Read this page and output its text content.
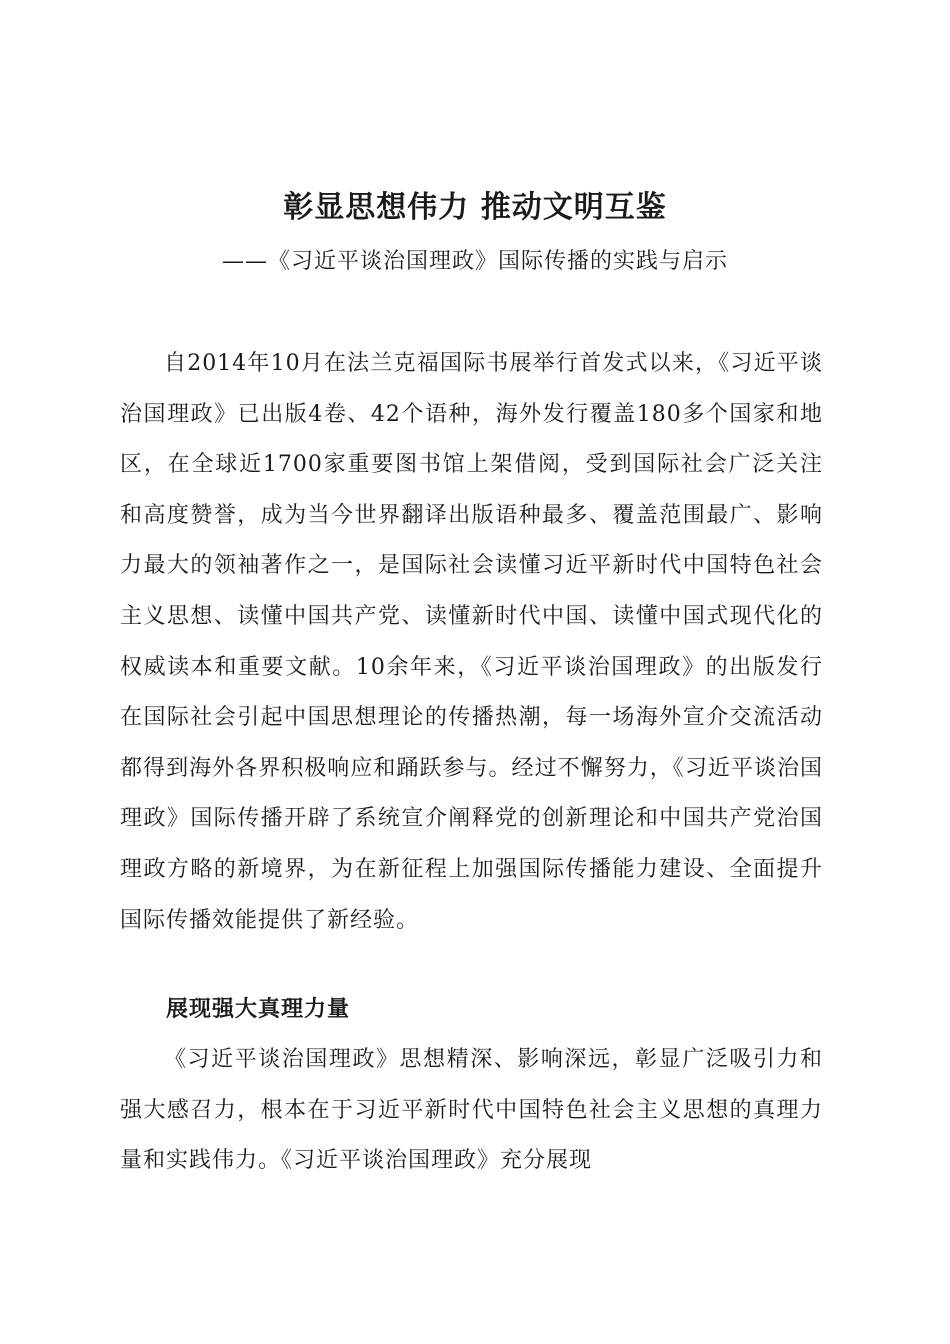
彰显思想伟力 推动文明互鉴
——《习近平谈治国理政》国际传播的实践与启示

自2014年10月在法兰克福国际书展举行首发式以来，《习近平谈治国理政》已出版4卷、42个语种，海外发行覆盖180多个国家和地区，在全球近1700家重要图书馆上架借阅，受到国际社会广泛关注和高度赞誉，成为当今世界翻译出版语种最多、覆盖范围最广、影响力最大的领袖著作之一，是国际社会读懂习近平新时代中国特色社会主义思想、读懂中国共产党、读懂新时代中国、读懂中国式现代化的权威读本和重要文献。10余年来，《习近平谈治国理政》的出版发行在国际社会引起中国思想理论的传播热潮，每一场海外宣介交流活动都得到海外各界积极响应和踊跃参与。经过不懈努力，《习近平谈治国理政》国际传播开辟了系统宣介阐释党的创新理论和中国共产党治国理政方略的新境界，为在新征程上加强国际传播能力建设、全面提升国际传播效能提供了新经验。

展现强大真理力量

《习近平谈治国理政》思想精深、影响深远，彰显广泛吸引力和强大感召力，根本在于习近平新时代中国特色社会主义思想的真理力量和实践伟力。《习近平谈治国理政》充分展现
